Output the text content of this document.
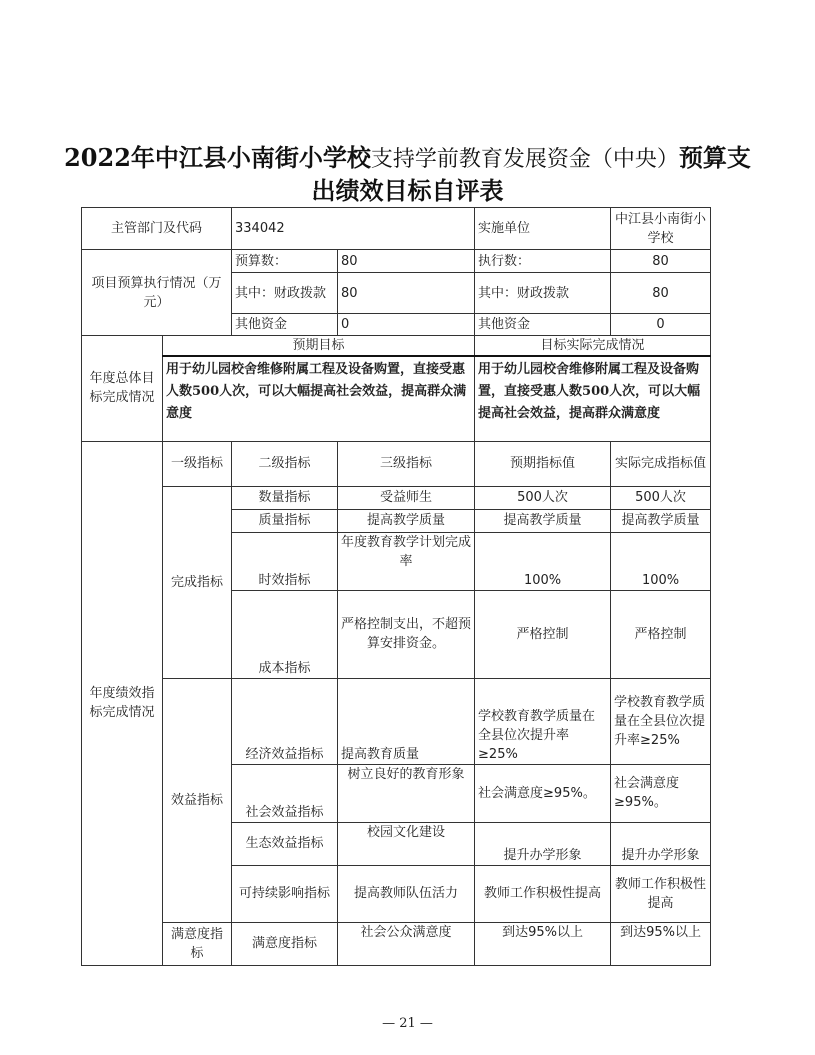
2022年中江县小南街小学校支持学前教育发展资金（中央）预算支
出绩效目标自评表
主管部门及代码		334042		实施单位	中江县小南街小学校
项目预算执行情况（万元）		预算数：	80	执行数：	80
		其中：财政拨款	80	其中：财政拨款	80
		其他资金	0	其他资金	0
年度总体目标完成情况	预期目标			目标实际完成情况	
	用于幼儿园校舍维修附属工程及设备购置，直接受惠人数500人次，可以大幅提高社会效益，提高群众满意度			用于幼儿园校舍维修附属工程及设备购置，直接受惠人数500人次，可以大幅提高社会效益，提高群众满意度	
年度绩效指标完成情况	一级指标	二级指标	三级指标	预期指标值	实际完成指标值
	完成指标	数量指标	受益师生	500人次	500人次
		质量指标	提高教学质量	提高教学质量	提高教学质量
		时效指标	年度教育教学计划完成率	100%	100%
		成本指标	严格控制支出，不超预算安排资金。	严格控制	严格控制
	效益指标	经济效益指标	提高教育质量	学校教育教学质量在全县位次提升率≥25%	学校教育教学质量在全县位次提升率≥25%
		社会效益指标	树立良好的教育形象	社会满意度≥95%。	社会满意度≥95%。
		生态效益指标	校园文化建设	提升办学形象	提升办学形象
		可持续影响指标	提高教师队伍活力	教师工作积极性提高	教师工作积极性提高
	满意度指标	满意度指标	社会公众满意度	到达95%以上	到达95%以上
— 21 —
